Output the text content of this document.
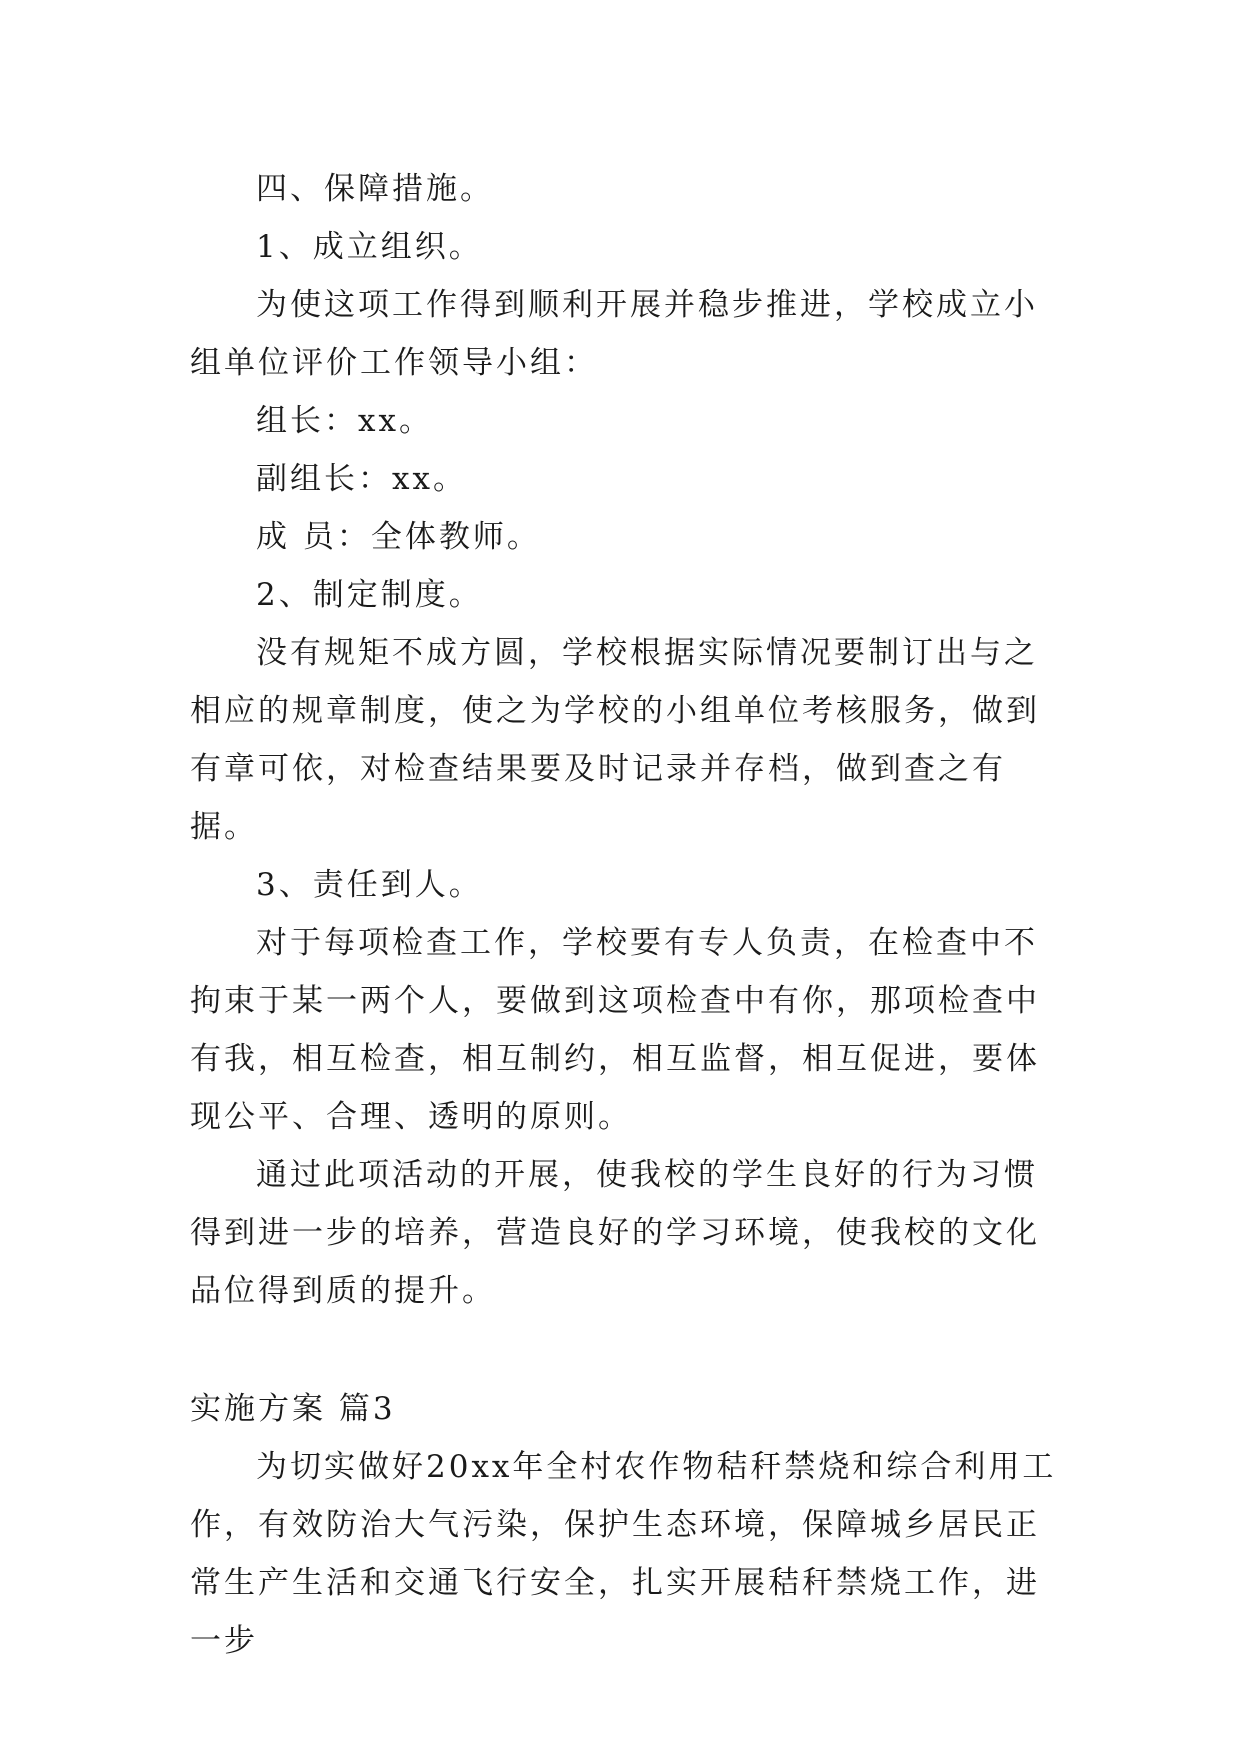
四、保障措施。

1、成立组织。

为使这项工作得到顺利开展并稳步推进，学校成立小组单位评价工作领导小组：

组长：xx。

副组长：xx。

成 员：全体教师。

2、制定制度。

没有规矩不成方圆，学校根据实际情况要制订出与之相应的规章制度，使之为学校的小组单位考核服务，做到有章可依，对检查结果要及时记录并存档，做到查之有据。

3、责任到人。

对于每项检查工作，学校要有专人负责，在检查中不拘束于某一两个人，要做到这项检查中有你，那项检查中有我，相互检查，相互制约，相互监督，相互促进，要体现公平、合理、透明的原则。

通过此项活动的开展，使我校的学生良好的行为习惯得到进一步的培养，营造良好的学习环境，使我校的文化品位得到质的提升。

实施方案 篇3

为切实做好20xx年全村农作物秸秆禁烧和综合利用工作，有效防治大气污染，保护生态环境，保障城乡居民正常生产生活和交通飞行安全，扎实开展秸秆禁烧工作，进一步
